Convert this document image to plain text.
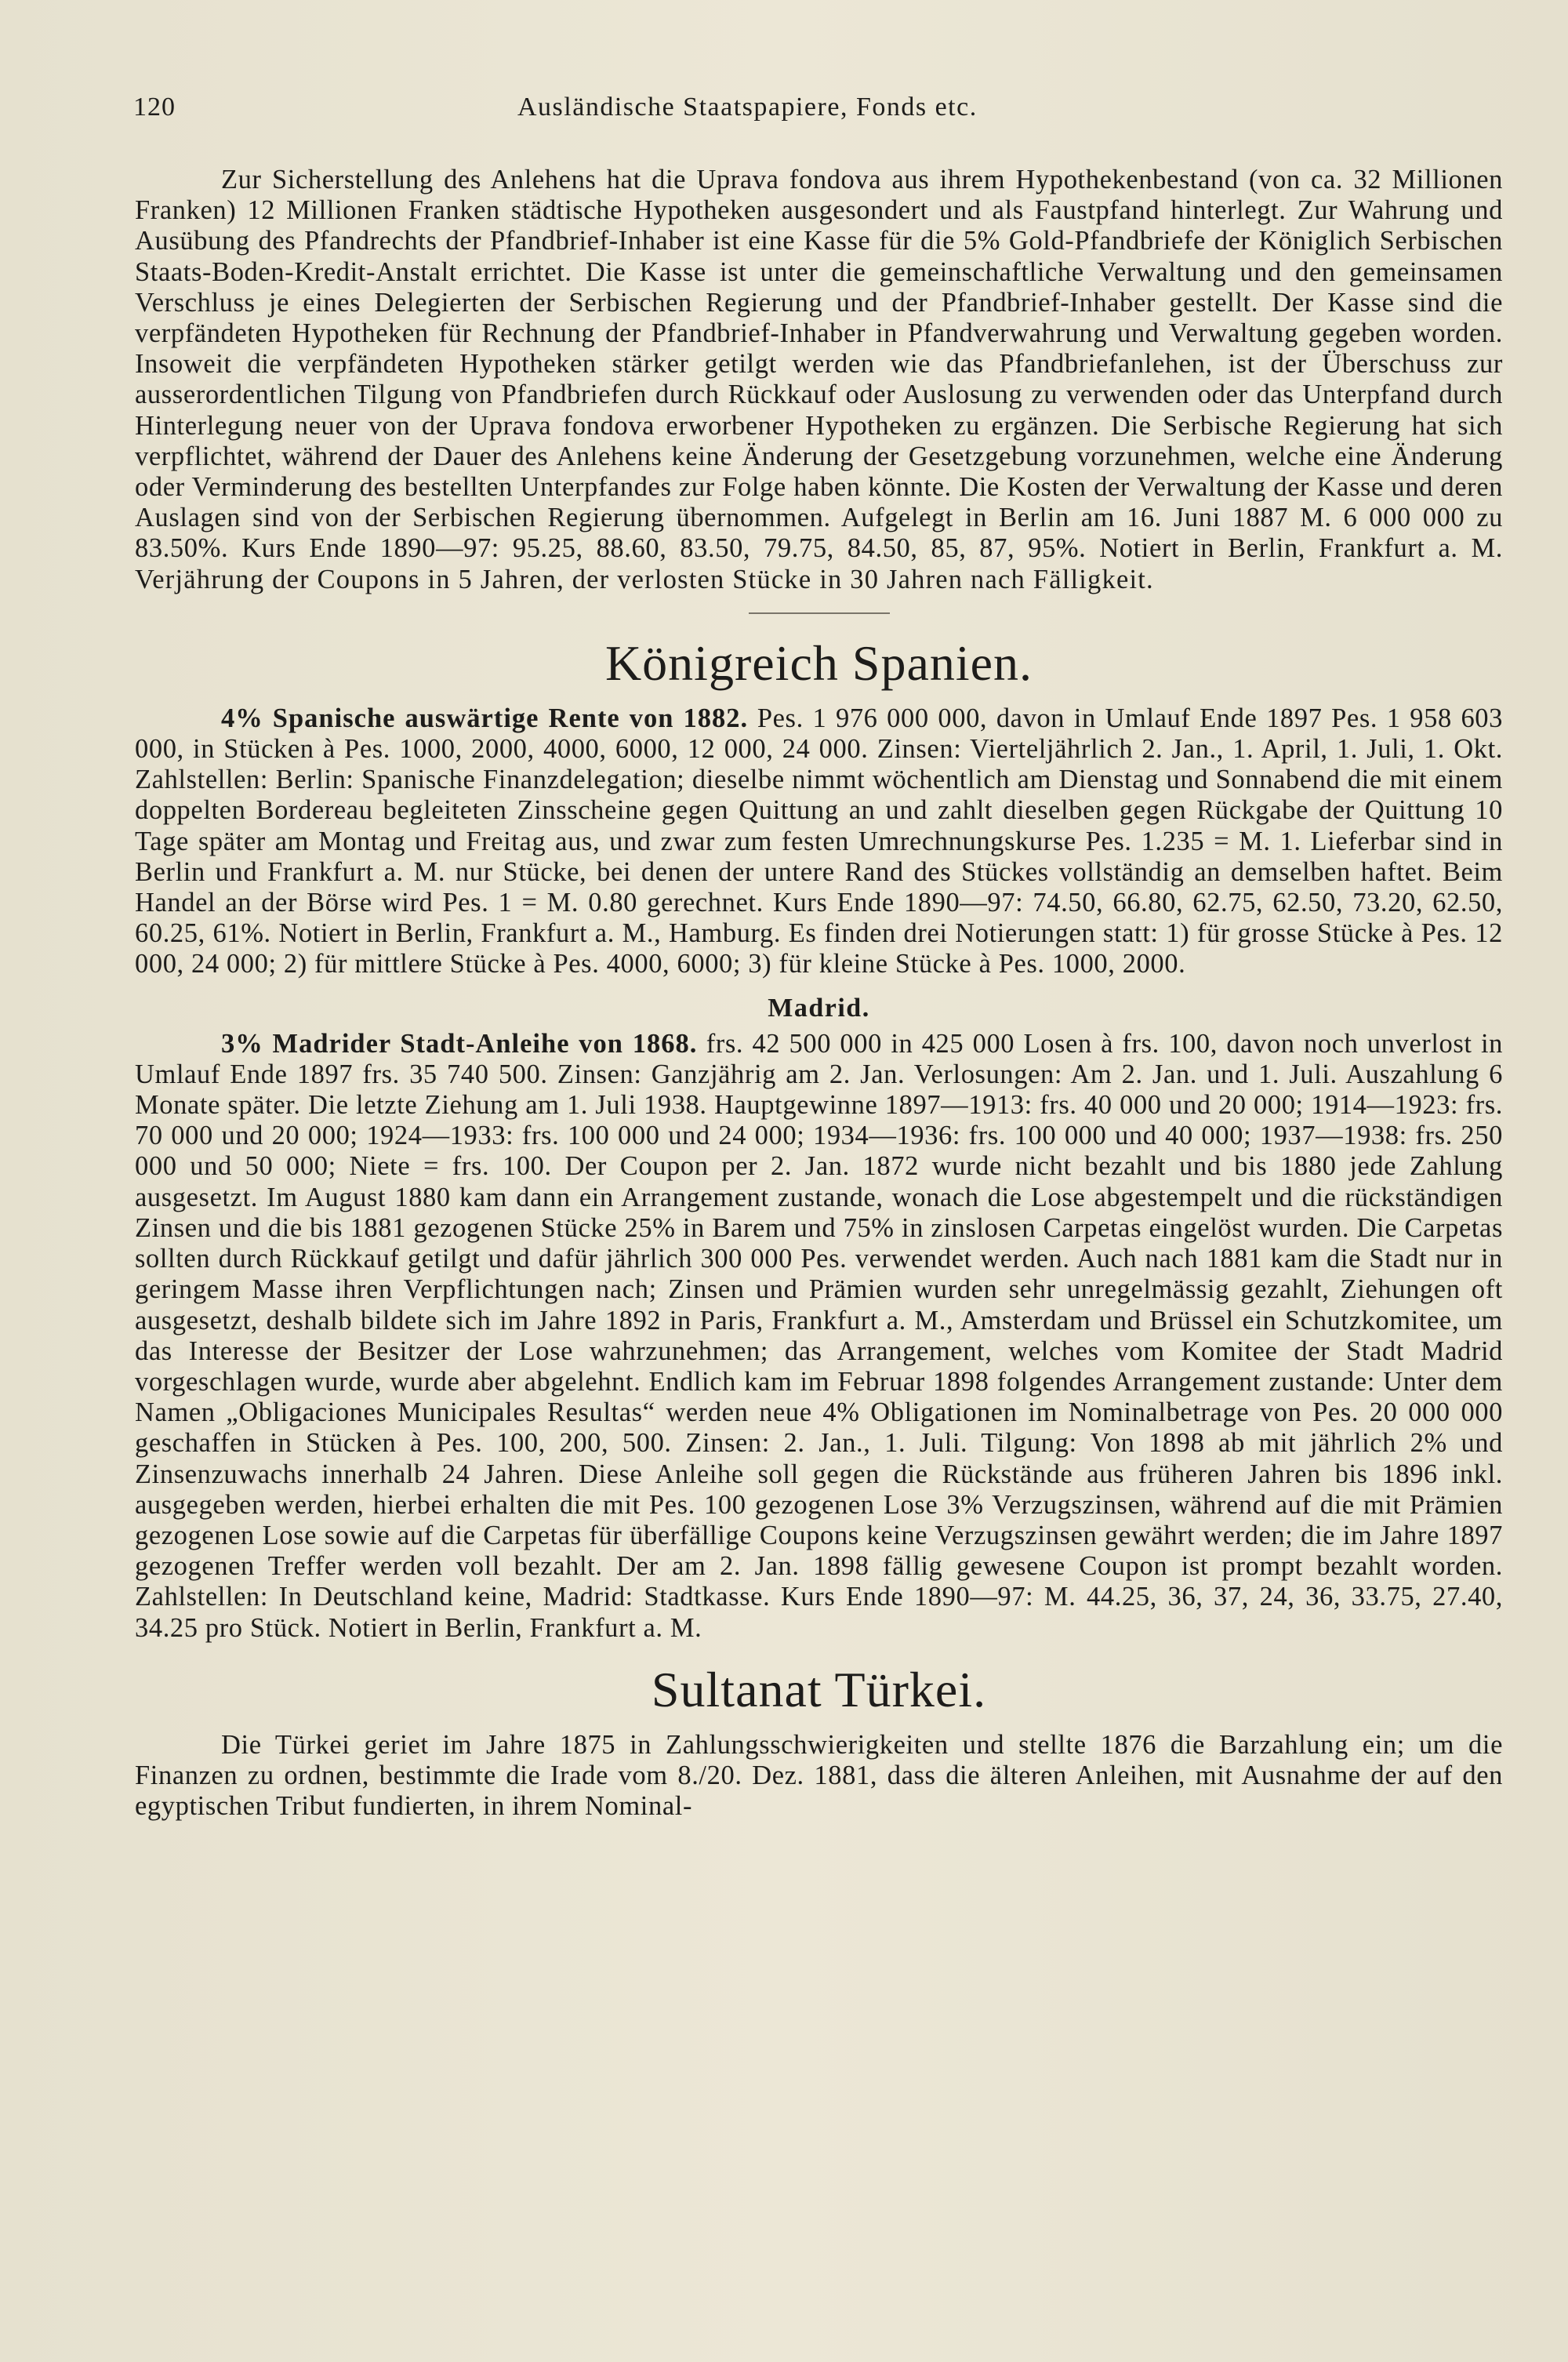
120	Ausländische Staatspapiere, Fonds etc.

Zur Sicherstellung des Anlehens hat die Uprava fondova aus ihrem Hypothekenbestand (von ca. 32 Millionen Franken) 12 Millionen Franken städtische Hypotheken ausgesondert und als Faustpfand hinterlegt. Zur Wahrung und Ausübung des Pfandrechts der Pfandbrief-Inhaber ist eine Kasse für die 5% Gold-Pfandbriefe der Königlich Serbischen Staats-Boden-Kredit-Anstalt errichtet. Die Kasse ist unter die gemeinschaftliche Verwaltung und den gemeinsamen Verschluss je eines Delegierten der Serbischen Regierung und der Pfandbrief-Inhaber gestellt. Der Kasse sind die verpfändeten Hypotheken für Rechnung der Pfandbrief-Inhaber in Pfandverwahrung und Verwaltung gegeben worden. Insoweit die verpfändeten Hypotheken stärker getilgt werden wie das Pfandbriefanlehen, ist der Überschuss zur ausserordentlichen Tilgung von Pfandbriefen durch Rückkauf oder Auslosung zu verwenden oder das Unterpfand durch Hinterlegung neuer von der Uprava fondova erworbener Hypotheken zu ergänzen. Die Serbische Regierung hat sich verpflichtet, während der Dauer des Anlehens keine Änderung der Gesetzgebung vorzunehmen, welche eine Änderung oder Verminderung des bestellten Unterpfandes zur Folge haben könnte. Die Kosten der Verwaltung der Kasse und deren Auslagen sind von der Serbischen Regierung übernommen. Aufgelegt in Berlin am 16. Juni 1887 M. 6 000 000 zu 83.50%. Kurs Ende 1890—97: 95.25, 88.60, 83.50, 79.75, 84.50, 85, 87, 95%. Notiert in Berlin, Frankfurt a. M. Verjährung der Coupons in 5 Jahren, der verlosten Stücke in 30 Jahren nach Fälligkeit.

Königreich Spanien.

4% Spanische auswärtige Rente von 1882. Pes. 1 976 000 000, davon in Umlauf Ende 1897 Pes. 1 958 603 000, in Stücken à Pes. 1000, 2000, 4000, 6000, 12 000, 24 000. Zinsen: Vierteljährlich 2. Jan., 1. April, 1. Juli, 1. Okt. Zahlstellen: Berlin: Spanische Finanzdelegation; dieselbe nimmt wöchentlich am Dienstag und Sonnabend die mit einem doppelten Bordereau begleiteten Zinsscheine gegen Quittung an und zahlt dieselben gegen Rückgabe der Quittung 10 Tage später am Montag und Freitag aus, und zwar zum festen Umrechnungskurse Pes. 1.235 = M. 1. Lieferbar sind in Berlin und Frankfurt a. M. nur Stücke, bei denen der untere Rand des Stückes vollständig an demselben haftet. Beim Handel an der Börse wird Pes. 1 = M. 0.80 gerechnet. Kurs Ende 1890—97: 74.50, 66.80, 62.75, 62.50, 73.20, 62.50, 60.25, 61%. Notiert in Berlin, Frankfurt a. M., Hamburg. Es finden drei Notierungen statt: 1) für grosse Stücke à Pes. 12 000, 24 000; 2) für mittlere Stücke à Pes. 4000, 6000; 3) für kleine Stücke à Pes. 1000, 2000.

Madrid.

3% Madrider Stadt-Anleihe von 1868. frs. 42 500 000 in 425 000 Losen à frs. 100, davon noch unverlost in Umlauf Ende 1897 frs. 35 740 500. Zinsen: Ganzjährig am 2. Jan. Verlosungen: Am 2. Jan. und 1. Juli. Auszahlung 6 Monate später. Die letzte Ziehung am 1. Juli 1938. Hauptgewinne 1897—1913: frs. 40 000 und 20 000; 1914—1923: frs. 70 000 und 20 000; 1924—1933: frs. 100 000 und 24 000; 1934—1936: frs. 100 000 und 40 000; 1937—1938: frs. 250 000 und 50 000; Niete = frs. 100. Der Coupon per 2. Jan. 1872 wurde nicht bezahlt und bis 1880 jede Zahlung ausgesetzt. Im August 1880 kam dann ein Arrangement zustande, wonach die Lose abgestempelt und die rückständigen Zinsen und die bis 1881 gezogenen Stücke 25% in Barem und 75% in zinslosen Carpetas eingelöst wurden. Die Carpetas sollten durch Rückkauf getilgt und dafür jährlich 300 000 Pes. verwendet werden. Auch nach 1881 kam die Stadt nur in geringem Masse ihren Verpflichtungen nach; Zinsen und Prämien wurden sehr unregelmässig gezahlt, Ziehungen oft ausgesetzt, deshalb bildete sich im Jahre 1892 in Paris, Frankfurt a. M., Amsterdam und Brüssel ein Schutzkomitee, um das Interesse der Besitzer der Lose wahrzunehmen; das Arrangement, welches vom Komitee der Stadt Madrid vorgeschlagen wurde, wurde aber abgelehnt. Endlich kam im Februar 1898 folgendes Arrangement zustande: Unter dem Namen „Obligaciones Municipales Resultas“ werden neue 4% Obligationen im Nominalbetrage von Pes. 20 000 000 geschaffen in Stücken à Pes. 100, 200, 500. Zinsen: 2. Jan., 1. Juli. Tilgung: Von 1898 ab mit jährlich 2% und Zinsenzuwachs innerhalb 24 Jahren. Diese Anleihe soll gegen die Rückstände aus früheren Jahren bis 1896 inkl. ausgegeben werden, hierbei erhalten die mit Pes. 100 gezogenen Lose 3% Verzugszinsen, während auf die mit Prämien gezogenen Lose sowie auf die Carpetas für überfällige Coupons keine Verzugszinsen gewährt werden; die im Jahre 1897 gezogenen Treffer werden voll bezahlt. Der am 2. Jan. 1898 fällig gewesene Coupon ist prompt bezahlt worden. Zahlstellen: In Deutschland keine, Madrid: Stadtkasse. Kurs Ende 1890—97: M. 44.25, 36, 37, 24, 36, 33.75, 27.40, 34.25 pro Stück. Notiert in Berlin, Frankfurt a. M.

Sultanat Türkei.

Die Türkei geriet im Jahre 1875 in Zahlungsschwierigkeiten und stellte 1876 die Barzahlung ein; um die Finanzen zu ordnen, bestimmte die Irade vom 8./20. Dez. 1881, dass die älteren Anleihen, mit Ausnahme der auf den egyptischen Tribut fundierten, in ihrem Nominal-
